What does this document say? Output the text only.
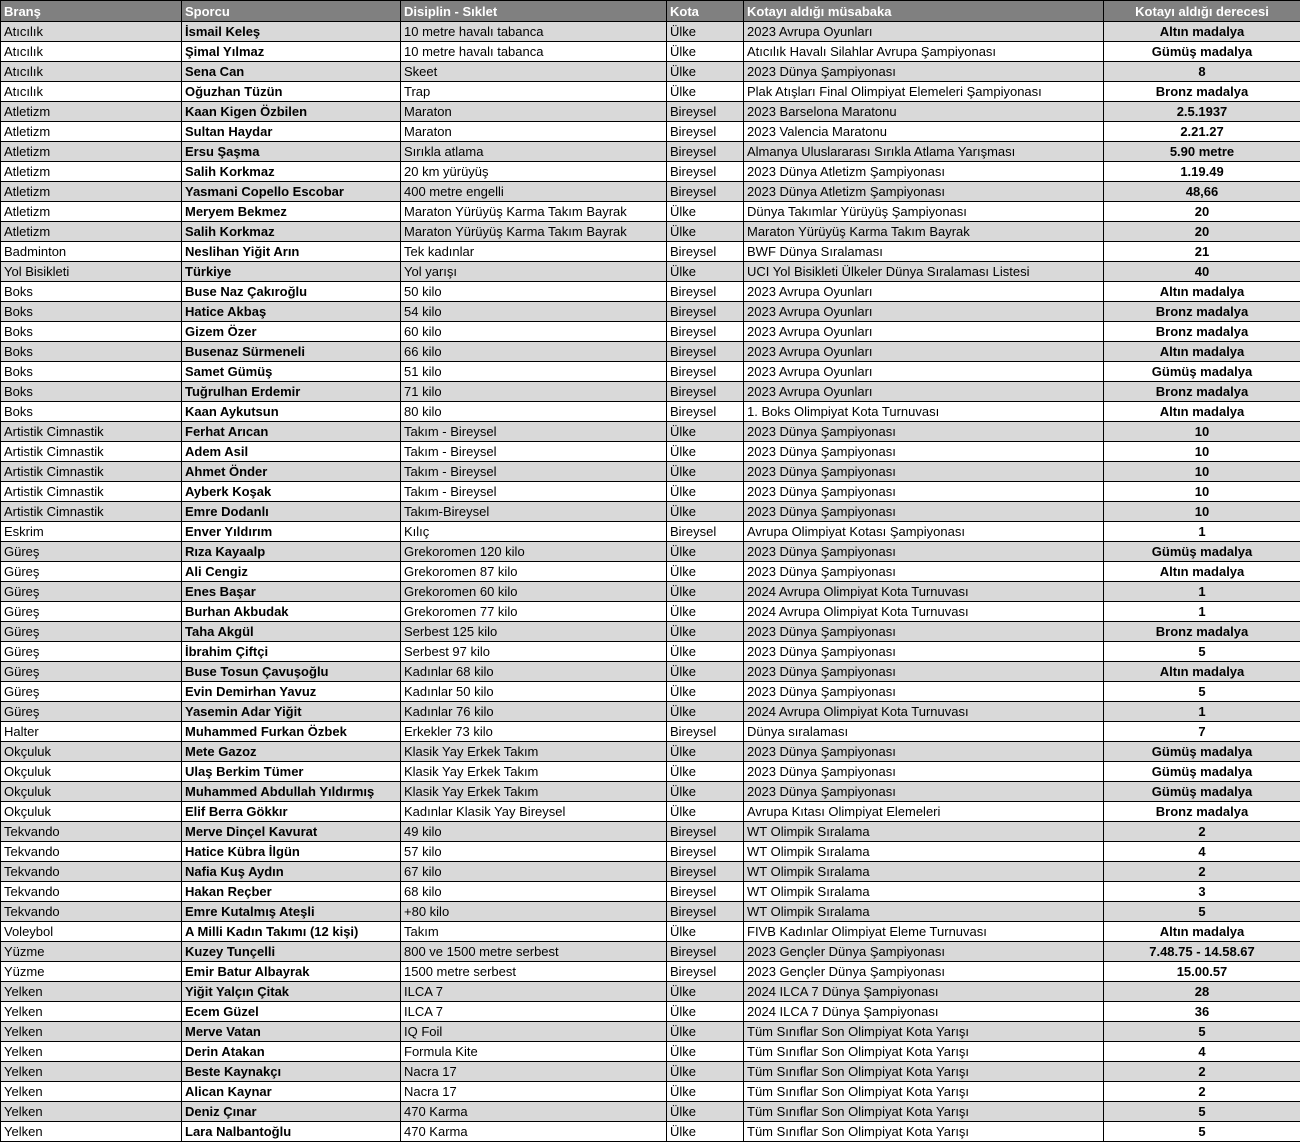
Branş	Sporcu	Disiplin - Sıklet	Kota	Kotayı aldığı müsabaka	Kotayı aldığı derecesi
Atıcılık	İsmail Keleş	10 metre havalı tabanca	Ülke	2023 Avrupa Oyunları	Altın madalya
Atıcılık	Şimal Yılmaz	10 metre havalı tabanca	Ülke	Atıcılık Havalı Silahlar Avrupa Şampiyonası	Gümüş madalya
Atıcılık	Sena Can	Skeet	Ülke	2023 Dünya Şampiyonası	8
Atıcılık	Oğuzhan Tüzün	Trap	Ülke	Plak Atışları Final Olimpiyat Elemeleri Şampiyonası	Bronz madalya
Atletizm	Kaan Kigen Özbilen	Maraton	Bireysel	2023 Barselona Maratonu	2.5.1937
Atletizm	Sultan Haydar	Maraton	Bireysel	2023 Valencia Maratonu	2.21.27
Atletizm	Ersu Şaşma	Sırıkla atlama	Bireysel	Almanya Uluslararası Sırıkla Atlama Yarışması	5.90 metre
Atletizm	Salih Korkmaz	20 km yürüyüş	Bireysel	2023 Dünya Atletizm Şampiyonası	1.19.49
Atletizm	Yasmani Copello Escobar	400 metre engelli	Bireysel	2023 Dünya Atletizm Şampiyonası	48,66
Atletizm	Meryem Bekmez	Maraton Yürüyüş Karma Takım Bayrak	Ülke	Dünya Takımlar Yürüyüş Şampiyonası	20
Atletizm	Salih Korkmaz	Maraton Yürüyüş Karma Takım Bayrak	Ülke	Maraton Yürüyüş Karma Takım Bayrak	20
Badminton	Neslihan Yiğit Arın	Tek kadınlar	Bireysel	BWF Dünya Sıralaması	21
Yol Bisikleti	Türkiye	Yol yarışı	Ülke	UCI Yol Bisikleti Ülkeler Dünya Sıralaması Listesi	40
Boks	Buse Naz Çakıroğlu	50 kilo	Bireysel	2023 Avrupa Oyunları	Altın madalya
Boks	Hatice Akbaş	54 kilo	Bireysel	2023 Avrupa Oyunları	Bronz madalya
Boks	Gizem Özer	60 kilo	Bireysel	2023 Avrupa Oyunları	Bronz madalya
Boks	Busenaz Sürmeneli	66 kilo	Bireysel	2023 Avrupa Oyunları	Altın madalya
Boks	Samet Gümüş	51 kilo	Bireysel	2023 Avrupa Oyunları	Gümüş madalya
Boks	Tuğrulhan Erdemir	71 kilo	Bireysel	2023 Avrupa Oyunları	Bronz madalya
Boks	Kaan Aykutsun	80 kilo	Bireysel	1. Boks Olimpiyat Kota Turnuvası	Altın madalya
Artistik Cimnastik	Ferhat Arıcan	Takım - Bireysel	Ülke	2023 Dünya Şampiyonası	10
Artistik Cimnastik	Adem Asil	Takım - Bireysel	Ülke	2023 Dünya Şampiyonası	10
Artistik Cimnastik	Ahmet Önder	Takım - Bireysel	Ülke	2023 Dünya Şampiyonası	10
Artistik Cimnastik	Ayberk Koşak	Takım - Bireysel	Ülke	2023 Dünya Şampiyonası	10
Artistik Cimnastik	Emre Dodanlı	Takım-Bireysel	Ülke	2023 Dünya Şampiyonası	10
Eskrim	Enver Yıldırım	Kılıç	Bireysel	Avrupa Olimpiyat Kotası Şampiyonası	1
Güreş	Rıza Kayaalp	Grekoromen 120 kilo	Ülke	2023 Dünya Şampiyonası	Gümüş madalya
Güreş	Ali Cengiz	Grekoromen 87 kilo	Ülke	2023 Dünya Şampiyonası	Altın madalya
Güreş	Enes Başar	Grekoromen 60 kilo	Ülke	2024 Avrupa Olimpiyat Kota Turnuvası	1
Güreş	Burhan Akbudak	Grekoromen 77 kilo	Ülke	2024 Avrupa Olimpiyat Kota Turnuvası	1
Güreş	Taha Akgül	Serbest 125 kilo	Ülke	2023 Dünya Şampiyonası	Bronz madalya
Güreş	İbrahim Çiftçi	Serbest 97 kilo	Ülke	2023 Dünya Şampiyonası	5
Güreş	Buse Tosun Çavuşoğlu	Kadınlar 68 kilo	Ülke	2023 Dünya Şampiyonası	Altın madalya
Güreş	Evin Demirhan Yavuz	Kadınlar 50 kilo	Ülke	2023 Dünya Şampiyonası	5
Güreş	Yasemin Adar Yiğit	Kadınlar 76 kilo	Ülke	2024 Avrupa Olimpiyat Kota Turnuvası	1
Halter	Muhammed Furkan Özbek	Erkekler 73 kilo	Bireysel	Dünya sıralaması	7
Okçuluk	Mete Gazoz	Klasik Yay Erkek Takım	Ülke	2023 Dünya Şampiyonası	Gümüş madalya
Okçuluk	Ulaş Berkim Tümer	Klasik Yay Erkek Takım	Ülke	2023 Dünya Şampiyonası	Gümüş madalya
Okçuluk	Muhammed Abdullah Yıldırmış	Klasik Yay Erkek Takım	Ülke	2023 Dünya Şampiyonası	Gümüş madalya
Okçuluk	Elif Berra Gökkır	Kadınlar Klasik Yay Bireysel	Ülke	Avrupa Kıtası Olimpiyat Elemeleri	Bronz madalya
Tekvando	Merve Dinçel Kavurat	49 kilo	Bireysel	WT Olimpik Sıralama	2
Tekvando	Hatice Kübra İlgün	57 kilo	Bireysel	WT Olimpik Sıralama	4
Tekvando	Nafia Kuş Aydın	67 kilo	Bireysel	WT Olimpik Sıralama	2
Tekvando	Hakan Reçber	68 kilo	Bireysel	WT Olimpik Sıralama	3
Tekvando	Emre Kutalmış Ateşli	+80 kilo	Bireysel	WT Olimpik Sıralama	5
Voleybol	A Milli Kadın Takımı (12 kişi)	Takım	Ülke	FIVB Kadınlar Olimpiyat Eleme Turnuvası	Altın madalya
Yüzme	Kuzey Tunçelli	800 ve 1500 metre serbest	Bireysel	2023 Gençler Dünya Şampiyonası	7.48.75 - 14.58.67
Yüzme	Emir Batur Albayrak	1500 metre serbest	Bireysel	2023 Gençler Dünya Şampiyonası	15.00.57
Yelken	Yiğit Yalçın Çitak	ILCA 7	Ülke	2024 ILCA 7 Dünya Şampiyonası	28
Yelken	Ecem Güzel	ILCA 7	Ülke	2024 ILCA 7 Dünya Şampiyonası	36
Yelken	Merve Vatan	IQ Foil	Ülke	Tüm Sınıflar Son Olimpiyat Kota Yarışı	5
Yelken	Derin Atakan	Formula Kite	Ülke	Tüm Sınıflar Son Olimpiyat Kota Yarışı	4
Yelken	Beste Kaynakçı	Nacra 17	Ülke	Tüm Sınıflar Son Olimpiyat Kota Yarışı	2
Yelken	Alican Kaynar	Nacra 17	Ülke	Tüm Sınıflar Son Olimpiyat Kota Yarışı	2
Yelken	Deniz Çınar	470 Karma	Ülke	Tüm Sınıflar Son Olimpiyat Kota Yarışı	5
Yelken	Lara Nalbantoğlu	470 Karma	Ülke	Tüm Sınıflar Son Olimpiyat Kota Yarışı	5
